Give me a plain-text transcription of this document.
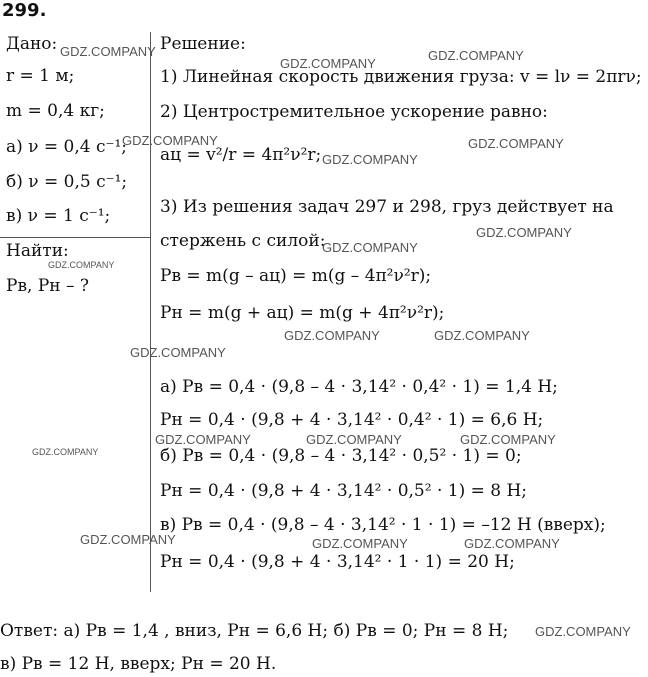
299.
Дано:
r = 1 м;
m = 0,4 кг;
а) ν = 0,4 с⁻¹;
б) ν = 0,5 с⁻¹;
в) ν = 1 с⁻¹;
Найти:
Pв, Pн – ?
Решение:
1) Линейная скорость движения груза: v = lν = 2πrν;
2) Центростремительное ускорение равно:
aц = v²/r = 4π²ν²r;
3) Из решения задач 297 и 298, груз действует на
стержень с силой:
Pв = m(g – aц) = m(g – 4π²ν²r);
Pн = m(g + aц) = m(g + 4π²ν²r);
а) Pв = 0,4 · (9,8 – 4 · 3,14² · 0,4² · 1) = 1,4 Н;
Pн = 0,4 · (9,8 + 4 · 3,14² · 0,4² · 1) = 6,6 Н;
б) Pв = 0,4 · (9,8 – 4 · 3,14² · 0,5² · 1) = 0;
Pн = 0,4 · (9,8 + 4 · 3,14² · 0,5² · 1) = 8 Н;
в) Pв = 0,4 · (9,8 – 4 · 3,14² · 1 · 1) = –12 Н (вверх);
Pн = 0,4 · (9,8 + 4 · 3,14² · 1 · 1) = 20 Н;
Ответ: а) Pв = 1,4 , вниз, Pн = 6,6 Н; б) Pв = 0; Pн = 8 Н;
в) Pв = 12 Н, вверх; Pн = 20 Н.
GDZ.COMPANY
GDZ.COMPANY
GDZ.COMPANY
GDZ.COMPANY	GDZ.COMPANY
GDZ.COMPANY
GDZ.COMPANY
GDZ.COMPANY
GDZ.COMPANY
GDZ.COMPANY	GDZ.COMPANY
GDZ.COMPANY
GDZ.COMPANY	GDZ.COMPANY	GDZ.COMPANY
GDZ.COMPANY
GDZ.COMPANY	GDZ.COMPANY	GDZ.COMPANY
GDZ.COMPANY
